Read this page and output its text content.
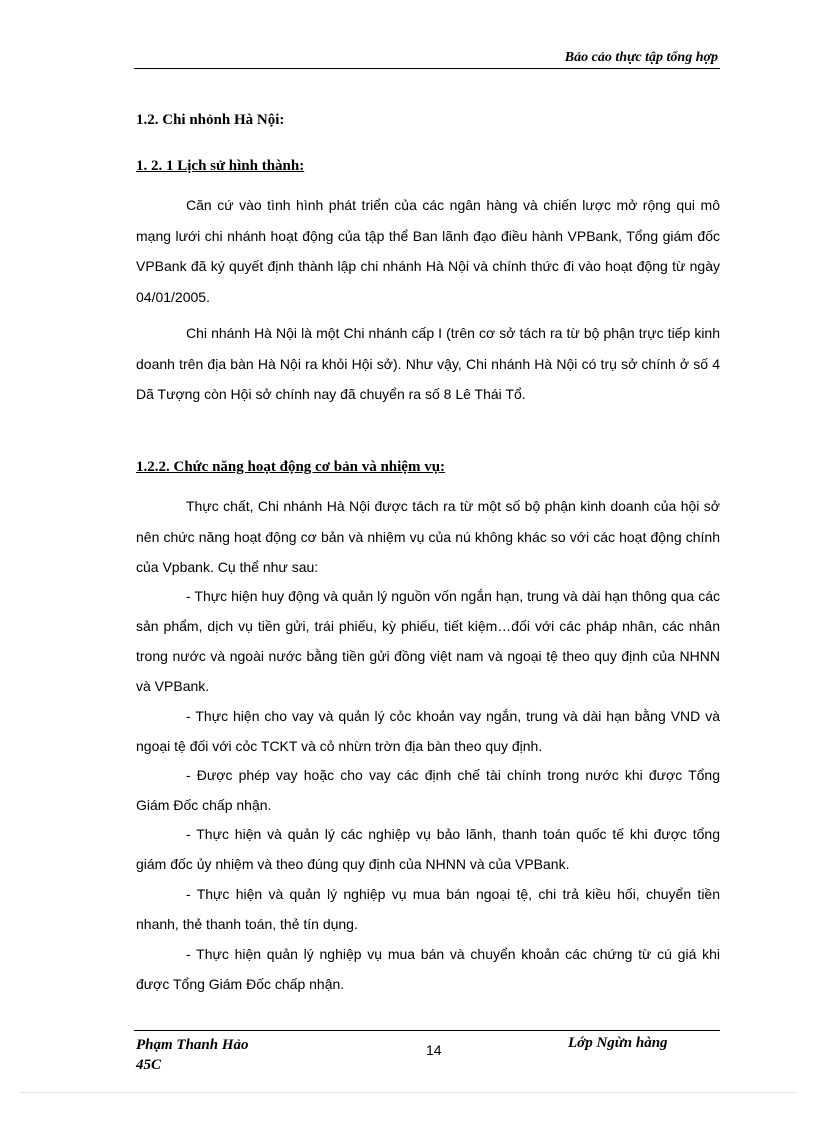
Bảo cảo thực tập tổng hợp
1.2. Chi nhỏnh Hà Nội:
1. 2. 1 Lịch sử hình thành:

Căn cứ vào tình hình phát triển của các ngân hàng và chiến lược mở rộng qui mô mạng lưới chi nhánh hoạt động của tập thể Ban lãnh đạo điều hành VPBank, Tổng giám đốc VPBank đã ký quyết định thành lập chi nhánh Hà Nội và chính thức đi vào hoạt động từ ngày 04/01/2005.

Chi nhánh Hà Nội là một Chi nhánh cấp I (trên cơ sở tách ra từ bộ phận trực tiếp kinh doanh trên địa bàn Hà Nội ra khỏi Hội sở). Như vậy, Chi nhánh Hà Nội có trụ sở chính ở số 4 Dã Tượng còn Hội sở chính nay đã chuyển ra số 8 Lê Thái Tổ.

1.2.2. Chức năng hoạt động cơ bản và nhiệm vụ:

Thực chất, Chi nhánh Hà Nội được tách ra từ một số bộ phận kinh doanh của hội sở nên chức năng hoạt động cơ bản và nhiệm vụ của nú không khác so với các hoạt động chính của Vpbank. Cụ thể như sau:

- Thực hiện huy động và quản lý nguồn vốn ngắn hạn, trung và dài hạn thông qua các sản phẩm, dịch vụ tiền gửi, trái phiếu, kỳ phiếu, tiết kiệm…đối với các pháp nhân, các nhân trong nước và ngoài nước bằng tiền gửi đồng việt nam và ngoại tệ theo quy định của NHNN và VPBank.

- Thực hiện cho vay và quản lý cỏc khoản vay ngắn, trung và dài hạn bằng VND và ngoại tệ đối với cỏc TCKT và cỏ nhừn trờn địa bàn theo quy định.

- Được phép vay hoặc cho vay các định chế tài chính trong nước khi được Tổng Giám Đốc chấp nhận.

- Thực hiện và quản lý các nghiệp vụ bảo lãnh, thanh toán quốc tế khi được tổng giám đốc ủy nhiệm và theo đúng quy định của NHNN và của VPBank.

- Thực hiện và quản lý nghiệp vụ mua bán ngoại tệ, chi trả kiều hối, chuyển tiền nhanh, thẻ thanh toán, thẻ tín dụng.

- Thực hiện quản lý nghiệp vụ mua bán và chuyển khoản các chứng từ cú giá khi được Tổng Giám Đốc chấp nhận.

Phạm Thanh Hảo
45C
14	Lớp Ngừn hàng
